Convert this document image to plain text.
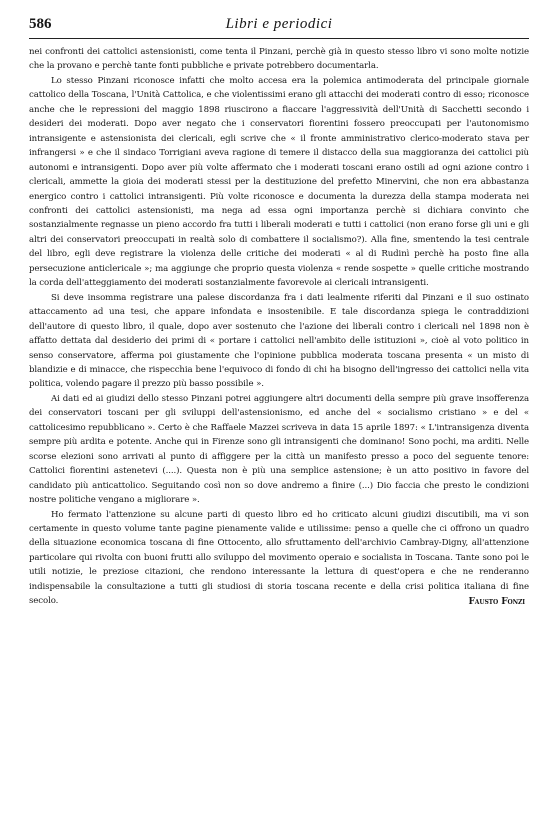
586	Libri e periodici

nei confronti dei cattolici astensionisti, come tenta il Pinzani, perchè già in questo stesso libro vi sono molte notizie che la provano e perchè tante fonti pubbliche e private potrebbero documentarla.

Lo stesso Pinzani riconosce infatti che molto accesa era la polemica antimoderata del principale giornale cattolico della Toscana, l'Unità Cattolica, e che violentissimi erano gli attacchi dei moderati contro di esso; riconosce anche che le repressioni del maggio 1898 riuscirono a fiaccare l'aggressività dell'Unità di Sacchetti secondo i desideri dei moderati. Dopo aver negato che i conservatori fiorentini fossero preoccupati per l'autonomismo intransigente e astensionista dei clericali, egli scrive che « il fronte amministrativo clerico-moderato stava per infrangersi » e che il sindaco Torrigiani aveva ragione di temere il distacco della sua maggioranza dei cattolici più autonomi e intransigenti. Dopo aver più volte affermato che i moderati toscani erano ostili ad ogni azione contro i clericali, ammette la gioia dei moderati stessi per la destituzione del prefetto Minervini, che non era abbastanza energico contro i cattolici intransigenti. Più volte riconosce e documenta la durezza della stampa moderata nei confronti dei cattolici astensionisti, ma nega ad essa ogni importanza perchè si dichiara convinto che sostanzialmente regnasse un pieno accordo fra tutti i liberali moderati e tutti i cattolici (non erano forse gli uni e gli altri dei conservatori preoccupati in realtà solo di combattere il socialismo?). Alla fine, smentendo la tesi centrale del libro, egli deve registrare la violenza delle critiche dei moderati « al di Rudinì perchè ha posto fine alla persecuzione anticlericale »; ma aggiunge che proprio questa violenza « rende sospette » quelle critiche mostrando la corda dell'atteggiamento dei moderati sostanzialmente favorevole ai clericali intransigenti.

Si deve insomma registrare una palese discordanza fra i dati lealmente riferiti dal Pinzani e il suo ostinato attaccamento ad una tesi, che appare infondata e insostenibile. E tale discordanza spiega le contraddizioni dell'autore di questo libro, il quale, dopo aver sostenuto che l'azione dei liberali contro i clericali nel 1898 non è affatto dettata dal desiderio dei primi di « portare i cattolici nell'ambito delle istituzioni », cioè al voto politico in senso conservatore, afferma poi giustamente che l'opinione pubblica moderata toscana presenta « un misto di blandizie e di minacce, che rispecchia bene l'equivoco di fondo di chi ha bisogno dell'ingresso dei cattolici nella vita politica, volendo pagare il prezzo più basso possibile ».

Ai dati ed ai giudizi dello stesso Pinzani potrei aggiungere altri documenti della sempre più grave insofferenza dei conservatori toscani per gli sviluppi dell'astensionismo, ed anche del « socialismo cristiano » e del « cattolicesimo repubblicano ». Certo è che Raffaele Mazzei scriveva in data 15 aprile 1897: « L'intransigenza diventa sempre più ardita e potente. Anche qui in Firenze sono gli intransigenti che dominano! Sono pochi, ma arditi. Nelle scorse elezioni sono arrivati al punto di affiggere per la città un manifesto presso a poco del seguente tenore: Cattolici fiorentini astenetevi (....). Questa non è più una semplice astensione; è un atto positivo in favore del candidato più anticattolico. Seguitando così non so dove andremo a finire (...) Dio faccia che presto le condizioni nostre politiche vengano a migliorare ».

Ho fermato l'attenzione su alcune parti di questo libro ed ho criticato alcuni giudizi discutibili, ma vi son certamente in questo volume tante pagine pienamente valide e utilissime: penso a quelle che ci offrono un quadro della situazione economica toscana di fine Ottocento, allo sfruttamento dell'archivio Cambray-Digny, all'attenzione particolare qui rivolta con buoni frutti allo sviluppo del movimento operaio e socialista in Toscana. Tante sono poi le utili notizie, le preziose citazioni, che rendono interessante la lettura di quest'opera e che ne renderanno indispensabile la consultazione a tutti gli studiosi di storia toscana recente e della crisi politica italiana di fine secolo.	Fausto Fonzi
